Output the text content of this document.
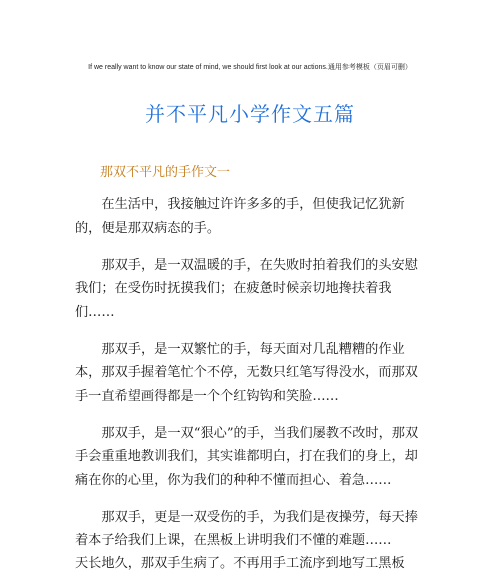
If we really want to know our state of mind, we should first look at our actions.通用参考模板（页眉可删）
并不平凡小学作文五篇
那双不平凡的手作文一

在生活中，我接触过许许多多的手，但使我记忆犹新的，便是那双病态的手。

那双手，是一双温暖的手，在失败时拍着我们的头安慰我们；在受伤时抚摸我们；在疲惫时候亲切地搀扶着我们……

那双手，是一双繁忙的手，每天面对几乱糟糟的作业本，那双手握着笔忙个不停，无数只红笔写得没水，而那双手一直希望画得都是一个个红钩钩和笑脸……

那双手，是一双“狠心”的手，当我们屡教不改时，那双手会重重地教训我们，其实谁都明白，打在我们的身上，却痛在你的心里，你为我们的种种不懂而担心、着急……

那双手，更是一双受伤的手，为我们是夜操劳，每天捧着本子给我们上课，在黑板上讲明我们不懂的难题……

天长地久，那双手生病了。不再用手工流序到地写工黑板
